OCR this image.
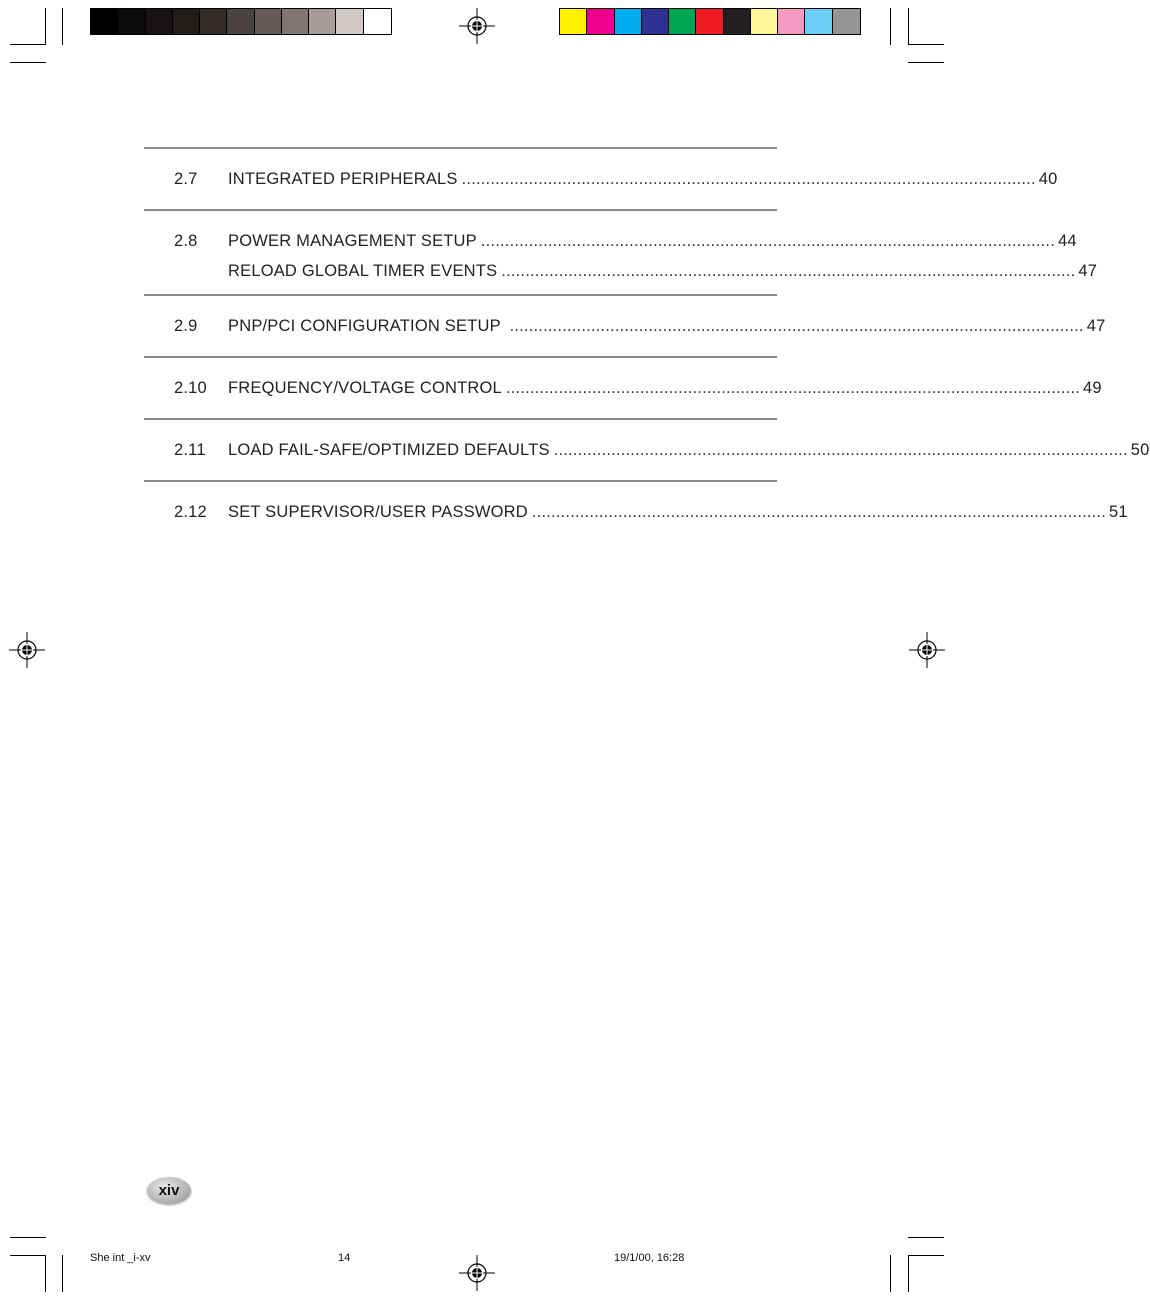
2.7	INTEGRATED PERIPHERALS ........................................................................................................................ 40
2.8	POWER MANAGEMENT SETUP ........................................................................................................................ 44
RELOAD GLOBAL TIMER EVENTS ........................................................................................................................ 47
2.9	PNP/PCI CONFIGURATION SETUP ........................................................................................................................ 47
2.10	FREQUENCY/VOLTAGE CONTROL ........................................................................................................................ 49
2.11	LOAD FAIL-SAFE/OPTIMIZED DEFAULTS ........................................................................................................................ 50
2.12	SET SUPERVISOR/USER PASSWORD ........................................................................................................................ 51
xiv
She int _i-xv	14	19/1/00, 16:28
